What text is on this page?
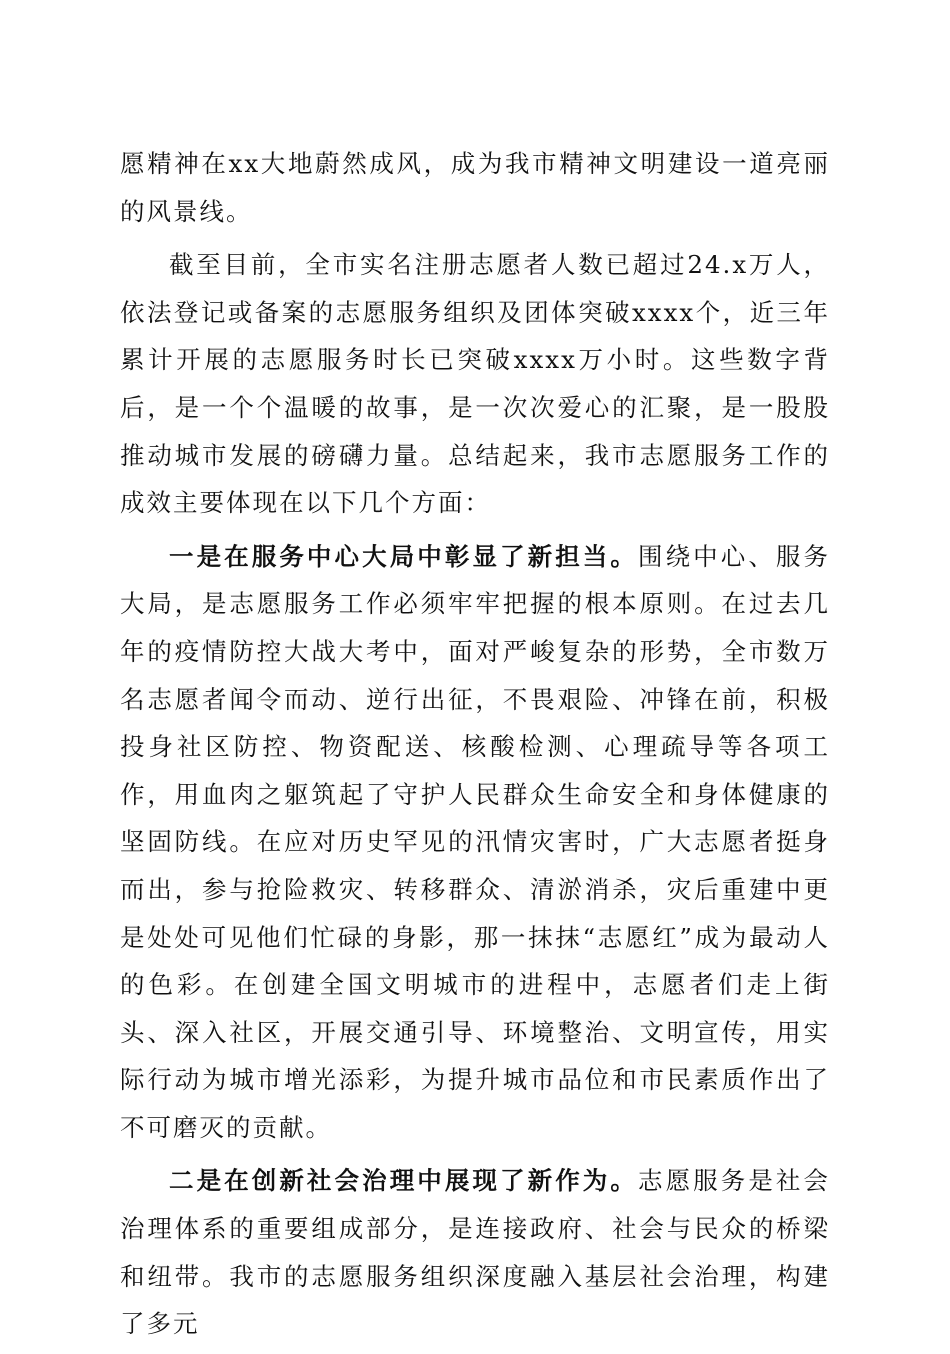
愿精神在xx大地蔚然成风，成为我市精神文明建设一道亮丽的风景线。

截至目前，全市实名注册志愿者人数已超过24.x万人，依法登记或备案的志愿服务组织及团体突破xxxx个，近三年累计开展的志愿服务时长已突破xxxx万小时。这些数字背后，是一个个温暖的故事，是一次次爱心的汇聚，是一股股推动城市发展的磅礴力量。总结起来，我市志愿服务工作的成效主要体现在以下几个方面：

一是在服务中心大局中彰显了新担当。围绕中心、服务大局，是志愿服务工作必须牢牢把握的根本原则。在过去几年的疫情防控大战大考中，面对严峻复杂的形势，全市数万名志愿者闻令而动、逆行出征，不畏艰险、冲锋在前，积极投身社区防控、物资配送、核酸检测、心理疏导等各项工作，用血肉之躯筑起了守护人民群众生命安全和身体健康的坚固防线。在应对历史罕见的汛情灾害时，广大志愿者挺身而出，参与抢险救灾、转移群众、清淤消杀，灾后重建中更是处处可见他们忙碌的身影，那一抹抹“志愿红”成为最动人的色彩。在创建全国文明城市的进程中，志愿者们走上街头、深入社区，开展交通引导、环境整治、文明宣传，用实际行动为城市增光添彩，为提升城市品位和市民素质作出了不可磨灭的贡献。

二是在创新社会治理中展现了新作为。志愿服务是社会治理体系的重要组成部分，是连接政府、社会与民众的桥梁和纽带。我市的志愿服务组织深度融入基层社会治理，构建了多元
